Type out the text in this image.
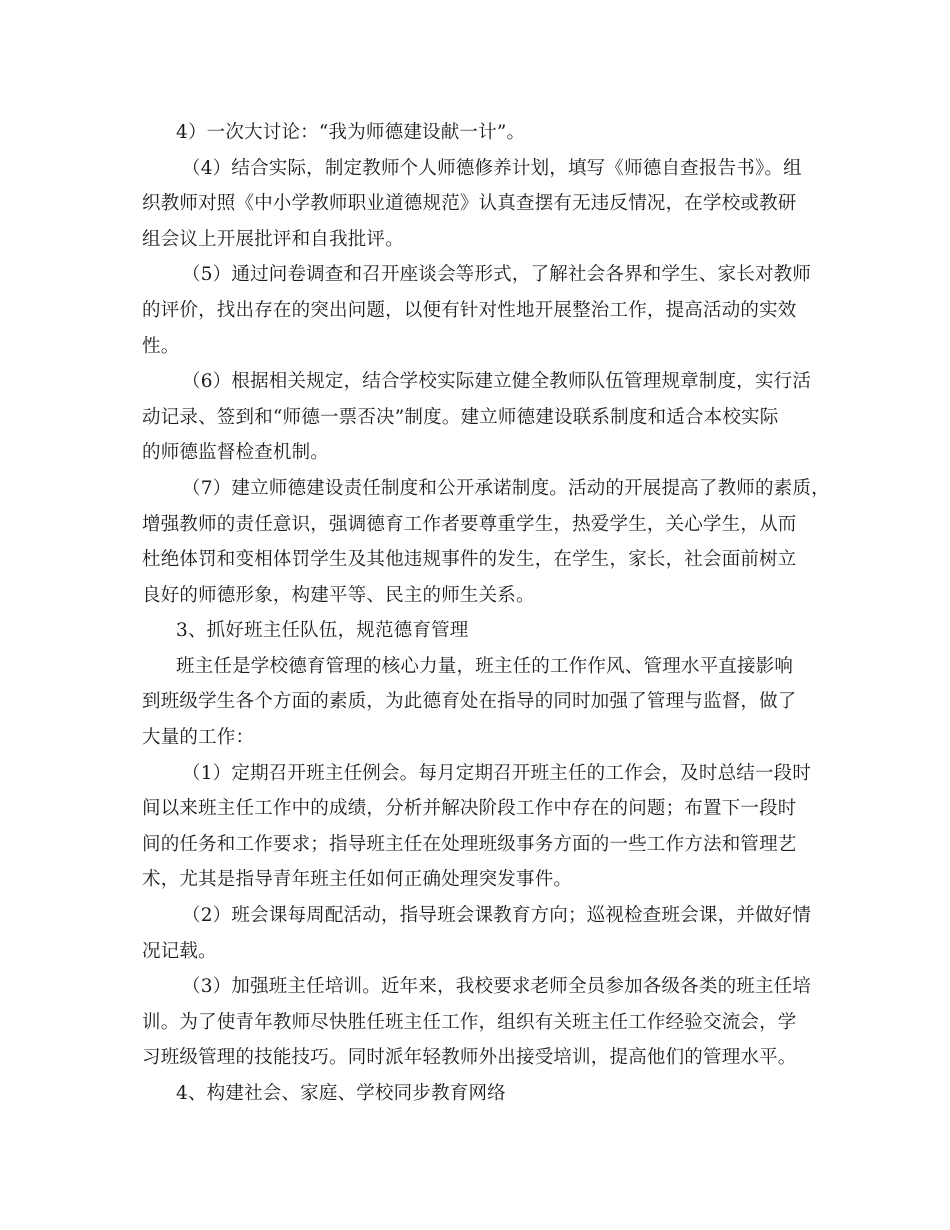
4）一次大讨论：“我为师德建设献一计”。
（4）结合实际，制定教师个人师德修养计划，填写《师德自查报告书》。组
织教师对照《中小学教师职业道德规范》认真查摆有无违反情况，在学校或教研
组会议上开展批评和自我批评。
（5）通过问卷调查和召开座谈会等形式，了解社会各界和学生、家长对教师
的评价，找出存在的突出问题，以便有针对性地开展整治工作，提高活动的实效
性。
（6）根据相关规定，结合学校实际建立健全教师队伍管理规章制度，实行活
动记录、签到和“师德一票否决”制度。建立师德建设联系制度和适合本校实际
的师德监督检查机制。
（7）建立师德建设责任制度和公开承诺制度。活动的开展提高了教师的素质，
增强教师的责任意识，强调德育工作者要尊重学生，热爱学生，关心学生，从而
杜绝体罚和变相体罚学生及其他违规事件的发生，在学生，家长，社会面前树立
良好的师德形象，构建平等、民主的师生关系。
3、抓好班主任队伍，规范德育管理
班主任是学校德育管理的核心力量，班主任的工作作风、管理水平直接影响
到班级学生各个方面的素质，为此德育处在指导的同时加强了管理与监督，做了
大量的工作：
（1）定期召开班主任例会。每月定期召开班主任的工作会，及时总结一段时
间以来班主任工作中的成绩，分析并解决阶段工作中存在的问题；布置下一段时
间的任务和工作要求；指导班主任在处理班级事务方面的一些工作方法和管理艺
术，尤其是指导青年班主任如何正确处理突发事件。
（2）班会课每周配活动，指导班会课教育方向；巡视检查班会课，并做好情
况记载。
（3）加强班主任培训。近年来，我校要求老师全员参加各级各类的班主任培
训。为了使青年教师尽快胜任班主任工作，组织有关班主任工作经验交流会，学
习班级管理的技能技巧。同时派年轻教师外出接受培训，提高他们的管理水平。
4、构建社会、家庭、学校同步教育网络
